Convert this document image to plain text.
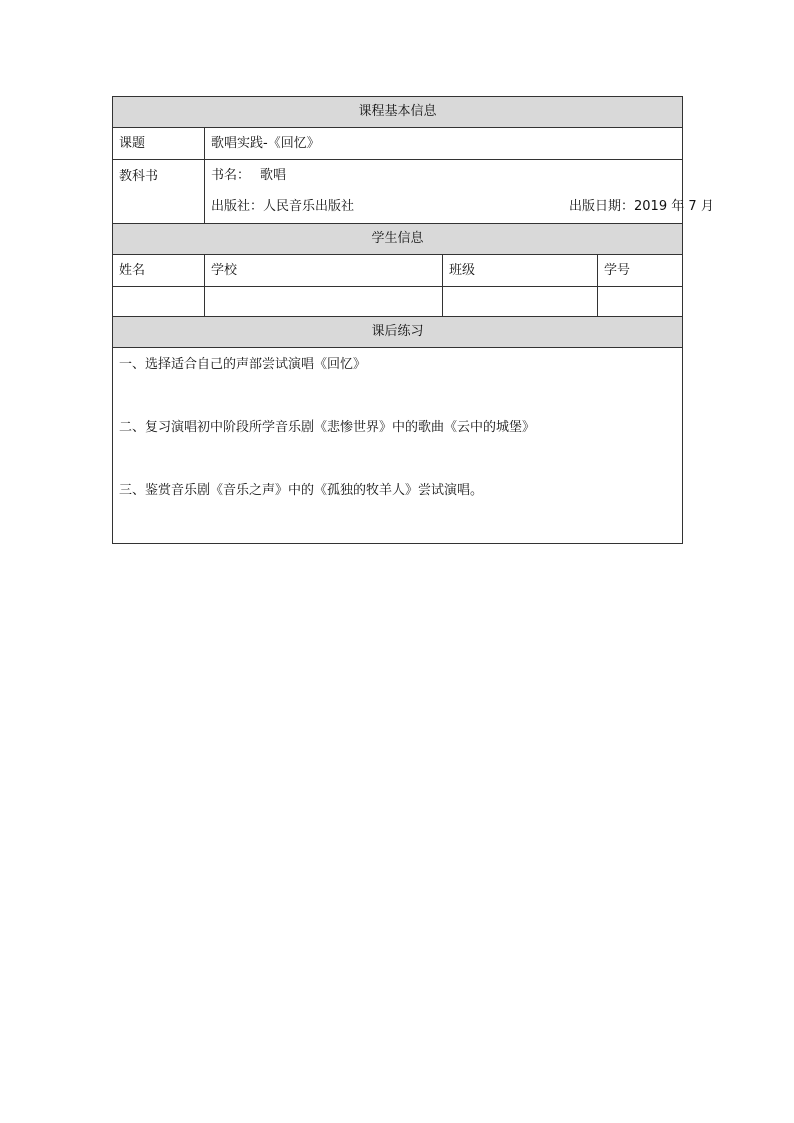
课程基本信息			
课题	歌唱实践-《回忆》		
教科书	书名： 歌唱
出版社：人民音乐出版社 出版日期：2019 年 7 月		

学生信息			
姓名	学校	班级	学号

课后练习			

一、选择适合自己的声部尝试演唱《回忆》
二、复习演唱初中阶段所学音乐剧《悲惨世界》中的歌曲《云中的城堡》
三、鉴赏音乐剧《音乐之声》中的《孤独的牧羊人》尝试演唱。			
